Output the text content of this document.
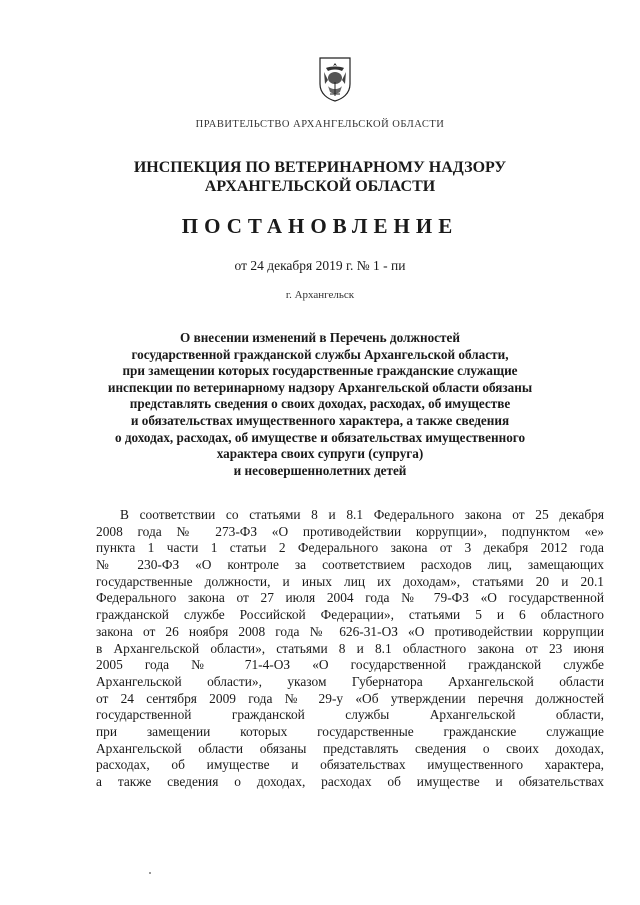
ПРАВИТЕЛЬСТВО АРХАНГЕЛЬСКОЙ ОБЛАСТИ
ИНСПЕКЦИЯ ПО ВЕТЕРИНАРНОМУ НАДЗОРУ
АРХАНГЕЛЬСКОЙ ОБЛАСТИ
ПОСТАНОВЛЕНИЕ
от 24 декабря 2019 г. № 1 - пи
г. Архангельск
О внесении изменений в Перечень должностей
государственной гражданской службы Архангельской области,
при замещении которых государственные гражданские служащие
инспекции по ветеринарному надзору Архангельской области обязаны
представлять сведения о своих доходах, расходах, об имуществе
и обязательствах имущественного характера, а также сведения
о доходах, расходах, об имуществе и обязательствах имущественного
характера своих супруги (супруга)
и несовершеннолетних детей
В соответствии со статьями 8 и 8.1 Федерального закона от 25 декабря
2008 года № 273-ФЗ «О противодействии коррупции», подпунктом «е»
пункта 1 части 1 статьи 2 Федерального закона от 3 декабря 2012 года
№ 230-ФЗ «О контроле за соответствием расходов лиц, замещающих
государственные должности, и иных лиц их доходам», статьями 20 и 20.1
Федерального закона от 27 июля 2004 года № 79-ФЗ «О государственной
гражданской службе Российской Федерации», статьями 5 и 6 областного
закона от 26 ноября 2008 года № 626-31-ОЗ «О противодействии коррупции
в Архангельской области», статьями 8 и 8.1 областного закона от 23 июня
2005 года № 71-4-ОЗ «О государственной гражданской службе
Архангельской области», указом Губернатора Архангельской области
от 24 сентября 2009 года № 29-у «Об утверждении перечня должностей
государственной гражданской службы Архангельской области,
при замещении которых государственные гражданские служащие
Архангельской области обязаны представлять сведения о своих доходах,
расходах, об имуществе и обязательствах имущественного характера,
а также сведения о доходах, расходах об имуществе и обязательствах
